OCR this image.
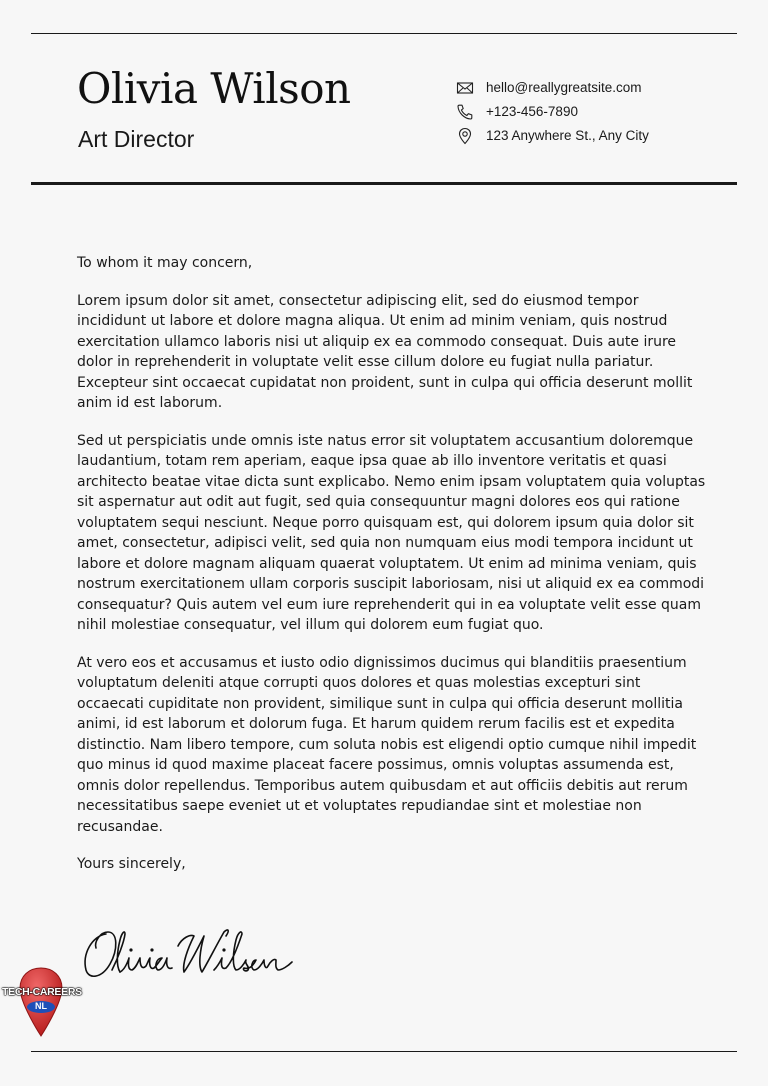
Olivia Wilson
Art Director
hello@reallygreatsite.com
+123-456-7890
123 Anywhere St., Any City

To whom it may concern,

Lorem ipsum dolor sit amet, consectetur adipiscing elit, sed do eiusmod tempor incididunt ut labore et dolore magna aliqua. Ut enim ad minim veniam, quis nostrud exercitation ullamco laboris nisi ut aliquip ex ea commodo consequat. Duis aute irure dolor in reprehenderit in voluptate velit esse cillum dolore eu fugiat nulla pariatur. Excepteur sint occaecat cupidatat non proident, sunt in culpa qui officia deserunt mollit anim id est laborum.

Sed ut perspiciatis unde omnis iste natus error sit voluptatem accusantium doloremque laudantium, totam rem aperiam, eaque ipsa quae ab illo inventore veritatis et quasi architecto beatae vitae dicta sunt explicabo. Nemo enim ipsam voluptatem quia voluptas sit aspernatur aut odit aut fugit, sed quia consequuntur magni dolores eos qui ratione voluptatem sequi nesciunt. Neque porro quisquam est, qui dolorem ipsum quia dolor sit amet, consectetur, adipisci velit, sed quia non numquam eius modi tempora incidunt ut labore et dolore magnam aliquam quaerat voluptatem. Ut enim ad minima veniam, quis nostrum exercitationem ullam corporis suscipit laboriosam, nisi ut aliquid ex ea commodi consequatur? Quis autem vel eum iure reprehenderit qui in ea voluptate velit esse quam nihil molestiae consequatur, vel illum qui dolorem eum fugiat quo.

At vero eos et accusamus et iusto odio dignissimos ducimus qui blanditiis praesentium voluptatum deleniti atque corrupti quos dolores et quas molestias excepturi sint occaecati cupiditate non provident, similique sunt in culpa qui officia deserunt mollitia animi, id est laborum et dolorum fuga. Et harum quidem rerum facilis est et expedita distinctio. Nam libero tempore, cum soluta nobis est eligendi optio cumque nihil impedit quo minus id quod maxime placeat facere possimus, omnis voluptas assumenda est, omnis dolor repellendus. Temporibus autem quibusdam et aut officiis debitis aut rerum necessitatibus saepe eveniet ut et voluptates repudiandae sint et molestiae non recusandae.

Yours sincerely,

TECH-CAREERS
NL
